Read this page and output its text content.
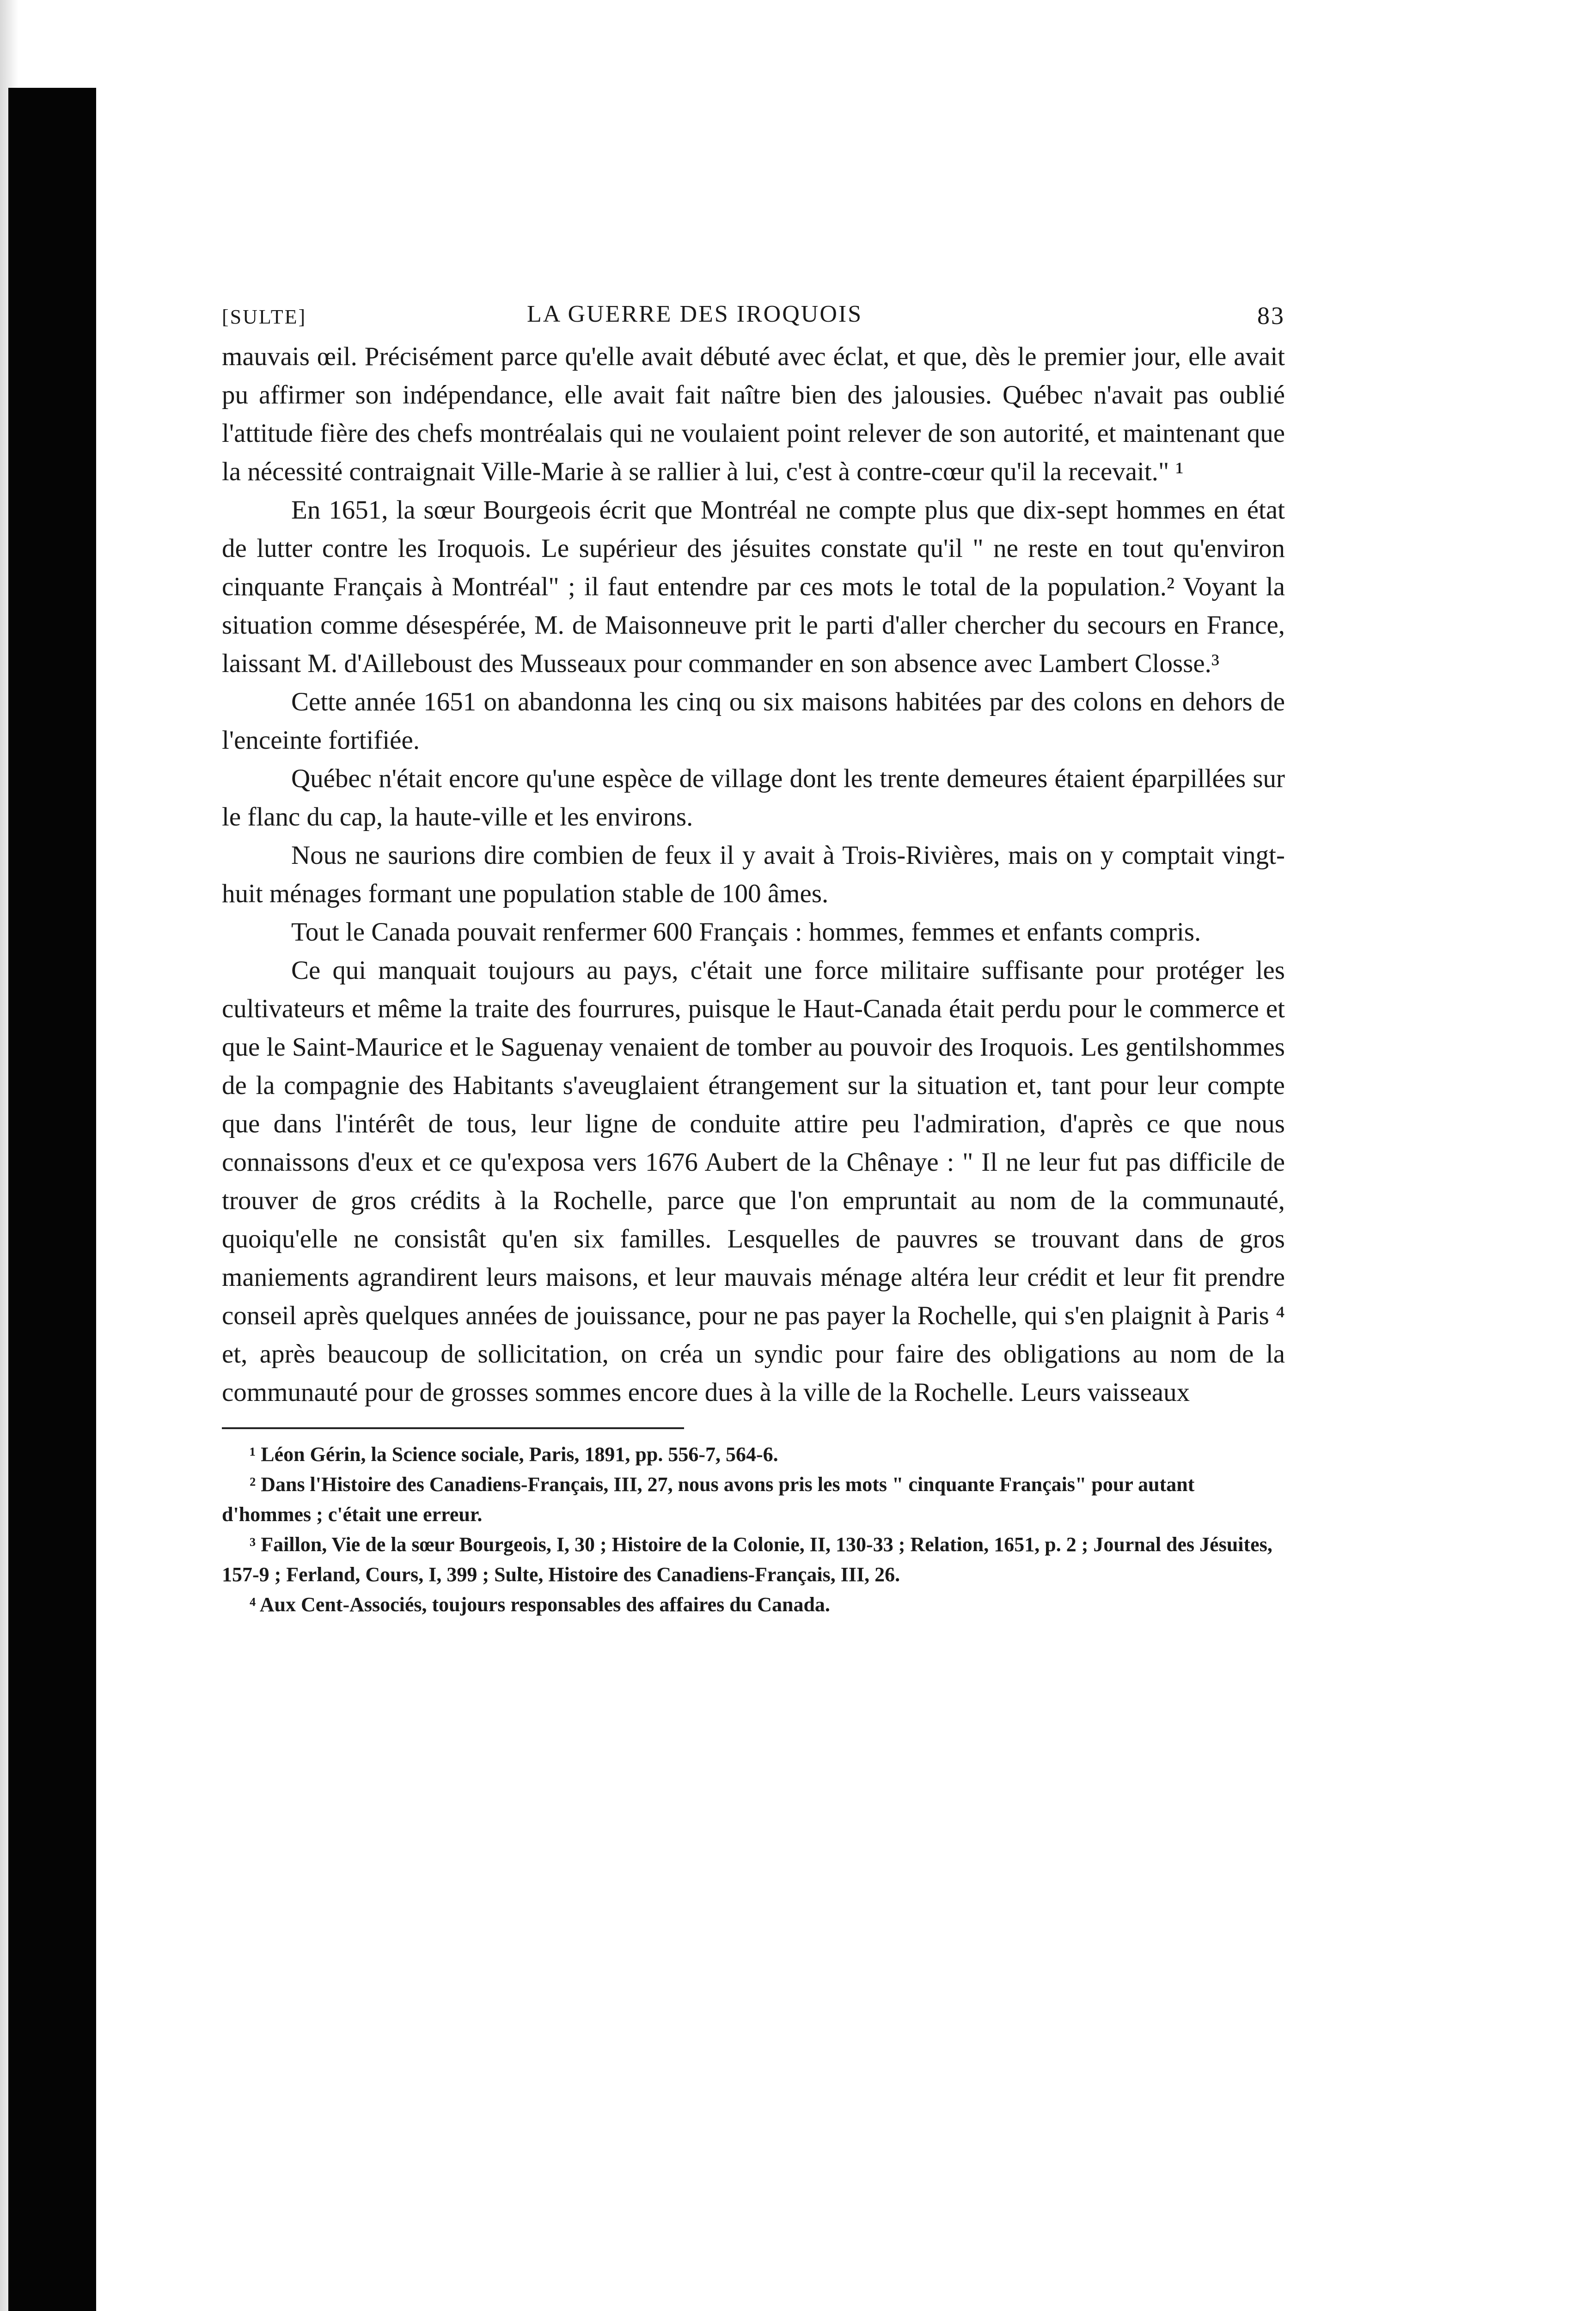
[SULTE]	LA GUERRE DES IROQUOIS	83

mauvais œil. Précisément parce qu'elle avait débuté avec éclat, et que, dès le premier jour, elle avait pu affirmer son indépendance, elle avait fait naître bien des jalousies. Québec n'avait pas oublié l'attitude fière des chefs montréalais qui ne voulaient point relever de son autorité, et maintenant que la nécessité contraignait Ville-Marie à se rallier à lui, c'est à contre-cœur qu'il la recevait." ¹

En 1651, la sœur Bourgeois écrit que Montréal ne compte plus que dix-sept hommes en état de lutter contre les Iroquois. Le supérieur des jésuites constate qu'il " ne reste en tout qu'environ cinquante Français à Montréal" ; il faut entendre par ces mots le total de la population.² Voyant la situation comme désespérée, M. de Maisonneuve prit le parti d'aller chercher du secours en France, laissant M. d'Ailleboust des Musseaux pour commander en son absence avec Lambert Closse.³

Cette année 1651 on abandonna les cinq ou six maisons habitées par des colons en dehors de l'enceinte fortifiée.

Québec n'était encore qu'une espèce de village dont les trente demeures étaient éparpillées sur le flanc du cap, la haute-ville et les environs.

Nous ne saurions dire combien de feux il y avait à Trois-Rivières, mais on y comptait vingt-huit ménages formant une population stable de 100 âmes.

Tout le Canada pouvait renfermer 600 Français : hommes, femmes et enfants compris.

Ce qui manquait toujours au pays, c'était une force militaire suffisante pour protéger les cultivateurs et même la traite des fourrures, puisque le Haut-Canada était perdu pour le commerce et que le Saint-Maurice et le Saguenay venaient de tomber au pouvoir des Iroquois. Les gentilshommes de la compagnie des Habitants s'aveuglaient étrangement sur la situation et, tant pour leur compte que dans l'intérêt de tous, leur ligne de conduite attire peu l'admiration, d'après ce que nous connaissons d'eux et ce qu'exposa vers 1676 Aubert de la Chênaye : " Il ne leur fut pas difficile de trouver de gros crédits à la Rochelle, parce que l'on empruntait au nom de la communauté, quoiqu'elle ne consistât qu'en six familles. Lesquelles de pauvres se trouvant dans de gros maniements agrandirent leurs maisons, et leur mauvais ménage altéra leur crédit et leur fit prendre conseil après quelques années de jouissance, pour ne pas payer la Rochelle, qui s'en plaignit à Paris ⁴ et, après beaucoup de sollicitation, on créa un syndic pour faire des obligations au nom de la communauté pour de grosses sommes encore dues à la ville de la Rochelle. Leurs vaisseaux

¹ Léon Gérin, la Science sociale, Paris, 1891, pp. 556-7, 564-6.

² Dans l'Histoire des Canadiens-Français, III, 27, nous avons pris les mots " cinquante Français" pour autant d'hommes ; c'était une erreur.

³ Faillon, Vie de la sœur Bourgeois, I, 30 ; Histoire de la Colonie, II, 130-33 ; Relation, 1651, p. 2 ; Journal des Jésuites, 157-9 ; Ferland, Cours, I, 399 ; Sulte, Histoire des Canadiens-Français, III, 26.

⁴ Aux Cent-Associés, toujours responsables des affaires du Canada.
